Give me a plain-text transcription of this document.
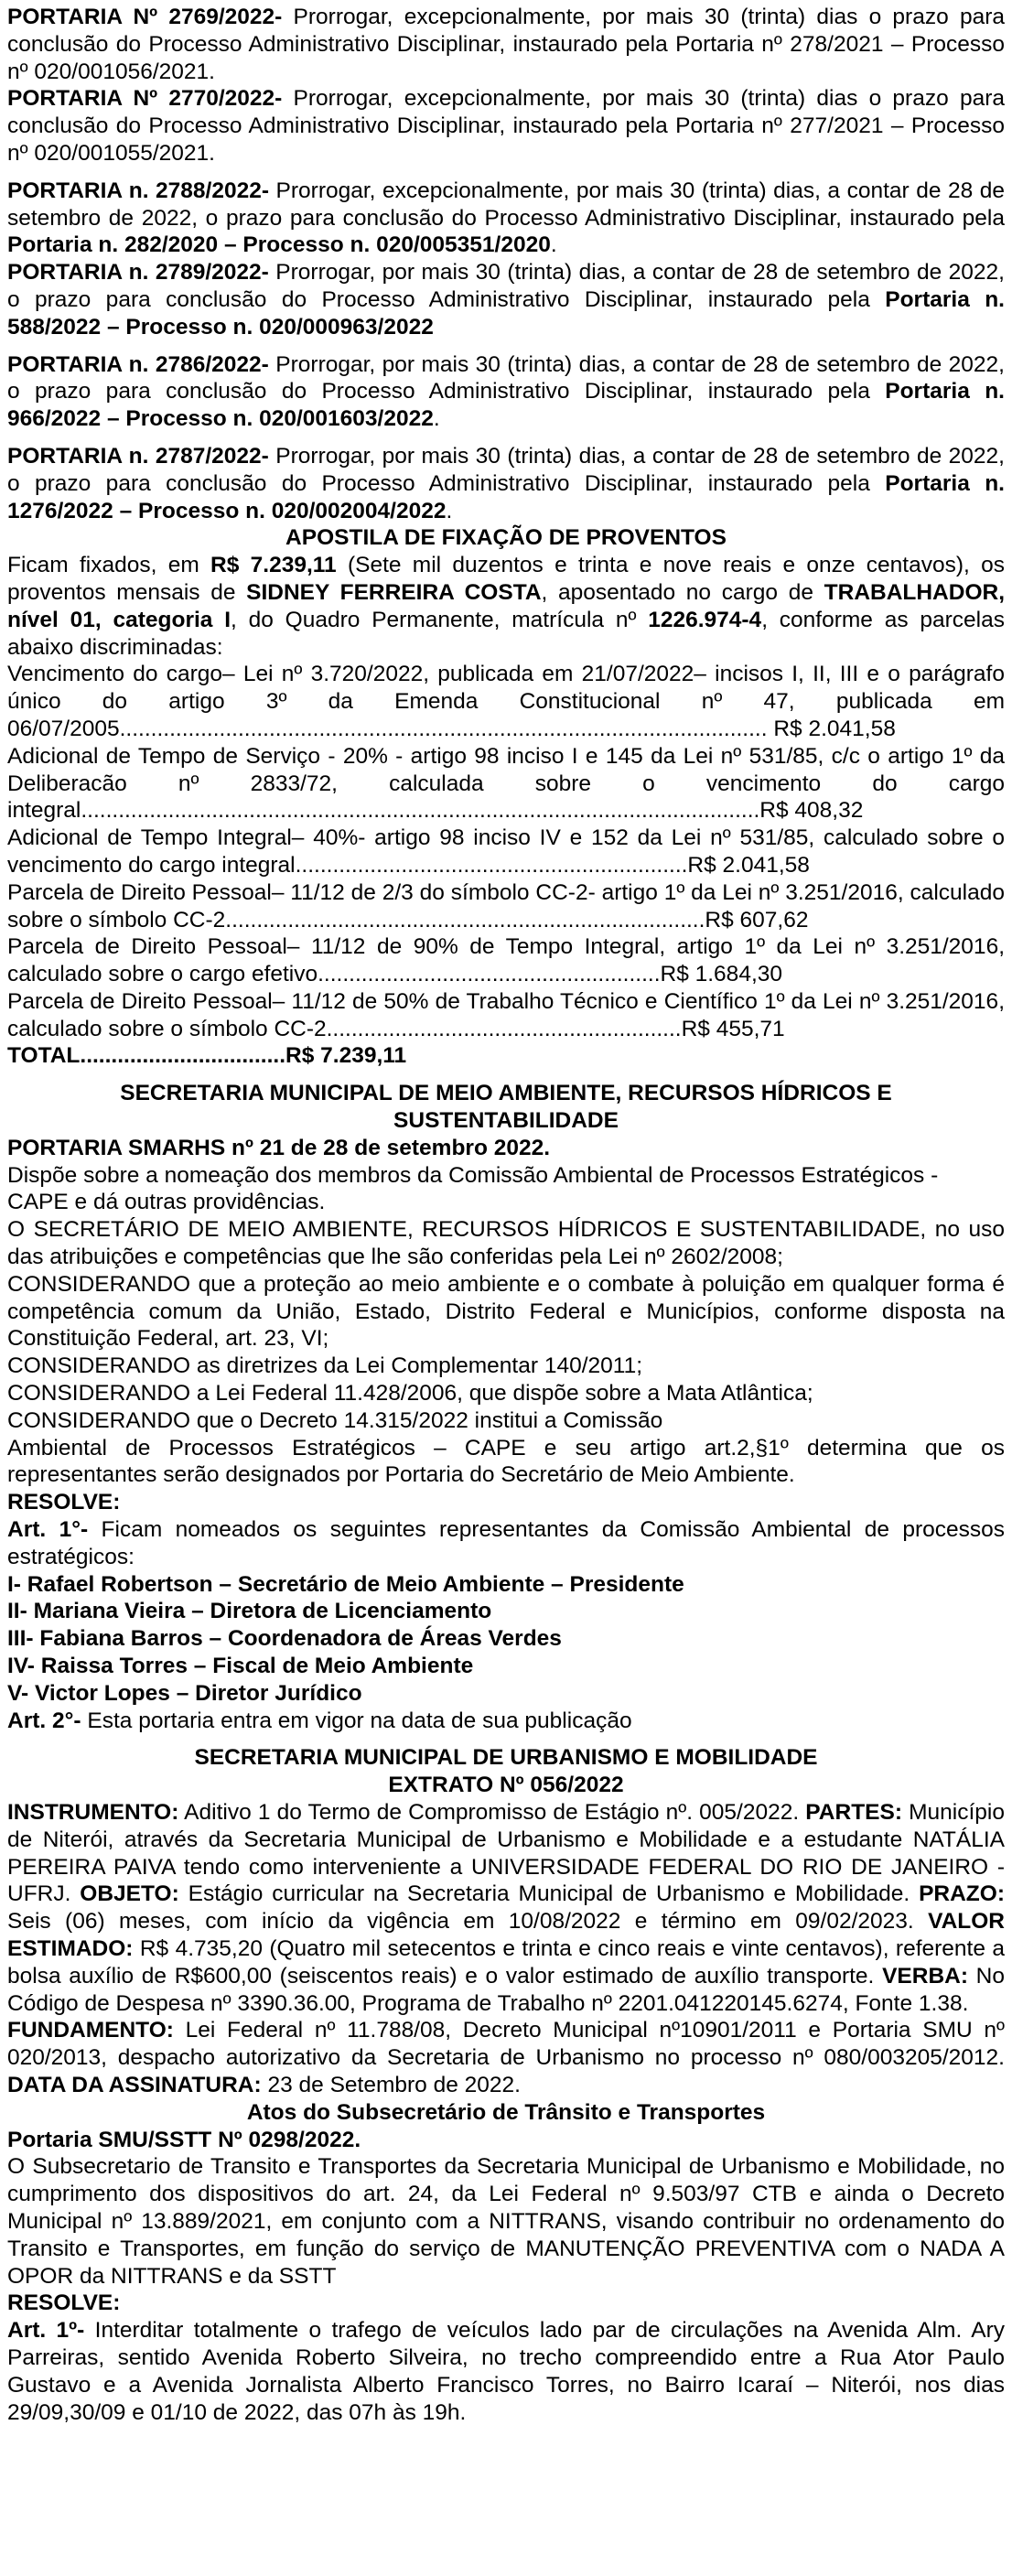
PORTARIA Nº 2769/2022- Prorrogar, excepcionalmente, por mais 30 (trinta) dias o prazo para conclusão do Processo Administrativo Disciplinar, instaurado pela Portaria nº 278/2021 – Processo nº 020/001056/2021.

PORTARIA Nº 2770/2022- Prorrogar, excepcionalmente, por mais 30 (trinta) dias o prazo para conclusão do Processo Administrativo Disciplinar, instaurado pela Portaria nº 277/2021 – Processo nº 020/001055/2021.

PORTARIA n. 2788/2022- Prorrogar, excepcionalmente, por mais 30 (trinta) dias, a contar de 28 de setembro de 2022, o prazo para conclusão do Processo Administrativo Disciplinar, instaurado pela Portaria n. 282/2020 – Processo n. 020/005351/2020.

PORTARIA n. 2789/2022- Prorrogar, por mais 30 (trinta) dias, a contar de 28 de setembro de 2022, o prazo para conclusão do Processo Administrativo Disciplinar, instaurado pela Portaria n. 588/2022 – Processo n. 020/000963/2022

PORTARIA n. 2786/2022- Prorrogar, por mais 30 (trinta) dias, a contar de 28 de setembro de 2022, o prazo para conclusão do Processo Administrativo Disciplinar, instaurado pela Portaria n. 966/2022 – Processo n. 020/001603/2022.

PORTARIA n. 2787/2022- Prorrogar, por mais 30 (trinta) dias, a contar de 28 de setembro de 2022, o prazo para conclusão do Processo Administrativo Disciplinar, instaurado pela Portaria n. 1276/2022 – Processo n. 020/002004/2022.

APOSTILA DE FIXAÇÃO DE PROVENTOS

Ficam fixados, em R$ 7.239,11 (Sete mil duzentos e trinta e nove reais e onze centavos), os proventos mensais de SIDNEY FERREIRA COSTA, aposentado no cargo de TRABALHADOR, nível 01, categoria I, do Quadro Permanente, matrícula nº 1226.974-4, conforme as parcelas abaixo discriminadas:

Vencimento do cargo– Lei nº 3.720/2022, publicada em 21/07/2022– incisos I, II, III e o parágrafo único do artigo 3º da Emenda Constitucional nº 47, publicada em 06/07/2005........................................................................................................ R$ 2.041,58

Adicional de Tempo de Serviço - 20% - artigo 98 inciso I e 145 da Lei nº 531/85, c/c o artigo 1º da Deliberacão nº 2833/72, calculada sobre o vencimento do cargo integral.............................................................................................................R$ 408,32

Adicional de Tempo Integral– 40%- artigo 98 inciso IV e 152 da Lei nº 531/85, calculado sobre o vencimento do cargo integral...............................................................R$ 2.041,58

Parcela de Direito Pessoal– 11/12 de 2/3 do símbolo CC-2- artigo 1º da Lei nº 3.251/2016, calculado sobre o símbolo CC-2.............................................................................R$ 607,62

Parcela de Direito Pessoal– 11/12 de 90% de Tempo Integral, artigo 1º da Lei nº 3.251/2016, calculado sobre o cargo efetivo.......................................................R$ 1.684,30

Parcela de Direito Pessoal– 11/12 de 50% de Trabalho Técnico e Científico 1º da Lei nº 3.251/2016, calculado sobre o símbolo CC-2.........................................................R$ 455,71

TOTAL.................................R$ 7.239,11

SECRETARIA MUNICIPAL DE MEIO AMBIENTE, RECURSOS HÍDRICOS E SUSTENTABILIDADE

PORTARIA SMARHS nº 21 de 28 de setembro 2022.

Dispõe sobre a nomeação dos membros da Comissão Ambiental de Processos Estratégicos - CAPE e dá outras providências.

O SECRETÁRIO DE MEIO AMBIENTE, RECURSOS HÍDRICOS E SUSTENTABILIDADE, no uso das atribuições e competências que lhe são conferidas pela Lei nº 2602/2008;

CONSIDERANDO que a proteção ao meio ambiente e o combate à poluição em qualquer forma é competência comum da União, Estado, Distrito Federal e Municípios, conforme disposta na Constituição Federal, art. 23, VI;

CONSIDERANDO as diretrizes da Lei Complementar 140/2011;

CONSIDERANDO a Lei Federal 11.428/2006, que dispõe sobre a Mata Atlântica;

CONSIDERANDO que o Decreto 14.315/2022 institui a Comissão

Ambiental de Processos Estratégicos – CAPE e seu artigo art.2,§1º determina que os representantes serão designados por Portaria do Secretário de Meio Ambiente.

RESOLVE:

Art. 1°- Ficam nomeados os seguintes representantes da Comissão Ambiental de processos estratégicos:

I- Rafael Robertson – Secretário de Meio Ambiente – Presidente

II- Mariana Vieira – Diretora de Licenciamento

III- Fabiana Barros – Coordenadora de Áreas Verdes

IV- Raissa Torres – Fiscal de Meio Ambiente

V- Victor Lopes – Diretor Jurídico

Art. 2°- Esta portaria entra em vigor na data de sua publicação

SECRETARIA MUNICIPAL DE URBANISMO E MOBILIDADE

EXTRATO Nº 056/2022

INSTRUMENTO: Aditivo 1 do Termo de Compromisso de Estágio nº. 005/2022. PARTES: Município de Niterói, através da Secretaria Municipal de Urbanismo e Mobilidade e a estudante NATÁLIA PEREIRA PAIVA tendo como interveniente a UNIVERSIDADE FEDERAL DO RIO DE JANEIRO - UFRJ. OBJETO: Estágio curricular na Secretaria Municipal de Urbanismo e Mobilidade. PRAZO: Seis (06) meses, com início da vigência em 10/08/2022 e término em 09/02/2023. VALOR ESTIMADO: R$ 4.735,20 (Quatro mil setecentos e trinta e cinco reais e vinte centavos), referente a bolsa auxílio de R$600,00 (seiscentos reais) e o valor estimado de auxílio transporte. VERBA: No Código de Despesa nº 3390.36.00, Programa de Trabalho nº 2201.041220145.6274, Fonte 1.38.

FUNDAMENTO: Lei Federal nº 11.788/08, Decreto Municipal nº10901/2011 e Portaria SMU nº 020/2013, despacho autorizativo da Secretaria de Urbanismo no processo nº 080/003205/2012. DATA DA ASSINATURA: 23 de Setembro de 2022.

Atos do Subsecretário de Trânsito e Transportes

Portaria SMU/SSTT Nº 0298/2022.

O Subsecretario de Transito e Transportes da Secretaria Municipal de Urbanismo e Mobilidade, no cumprimento dos dispositivos do art. 24, da Lei Federal nº 9.503/97 CTB e ainda o Decreto Municipal nº 13.889/2021, em conjunto com a NITTRANS, visando contribuir no ordenamento do Transito e Transportes, em função do serviço de MANUTENÇÃO PREVENTIVA com o NADA A OPOR da NITTRANS e da SSTT

RESOLVE:

Art. 1º- Interditar totalmente o trafego de veículos lado par de circulações na Avenida Alm. Ary Parreiras, sentido Avenida Roberto Silveira, no trecho compreendido entre a Rua Ator Paulo Gustavo e a Avenida Jornalista Alberto Francisco Torres, no Bairro Icaraí – Niterói, nos dias 29/09,30/09 e 01/10 de 2022, das 07h às 19h.
